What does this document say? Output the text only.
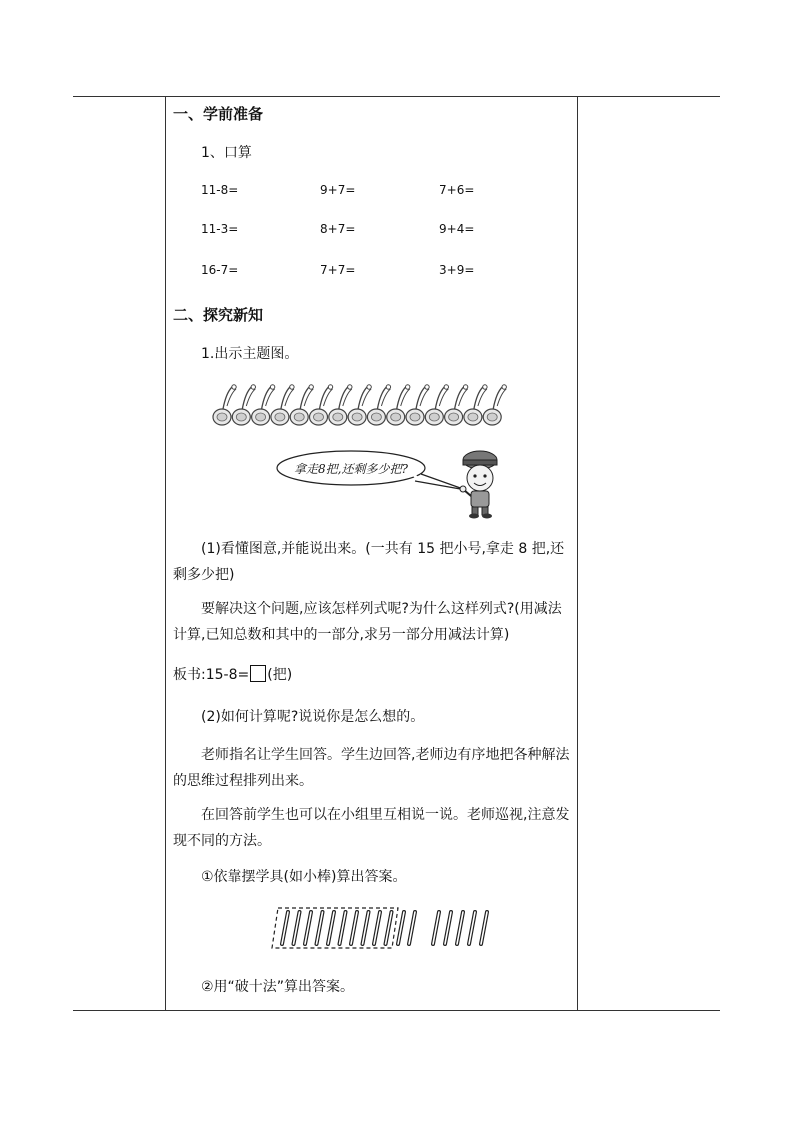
一、学前准备

1、口算

11-8=	9+7=	7+6=
11-3=	8+7=	9+4=
16-7=	7+7=	3+9=

二、探究新知

1.出示主题图。

拿走8把,还剩多少把?

(1)看懂图意,并能说出来。(一共有 15 把小号,拿走 8 把,还

剩多少把)

要解决这个问题,应该怎样列式呢?为什么这样列式?(用减法

计算,已知总数和其中的一部分,求另一部分用减法计算)

板书:15-8= (把)

(2)如何计算呢?说说你是怎么想的。

老师指名让学生回答。学生边回答,老师边有序地把各种解法

的思维过程排列出来。

在回答前学生也可以在小组里互相说一说。老师巡视,注意发

现不同的方法。

①依靠摆学具(如小棒)算出答案。

②用“破十法”算出答案。
